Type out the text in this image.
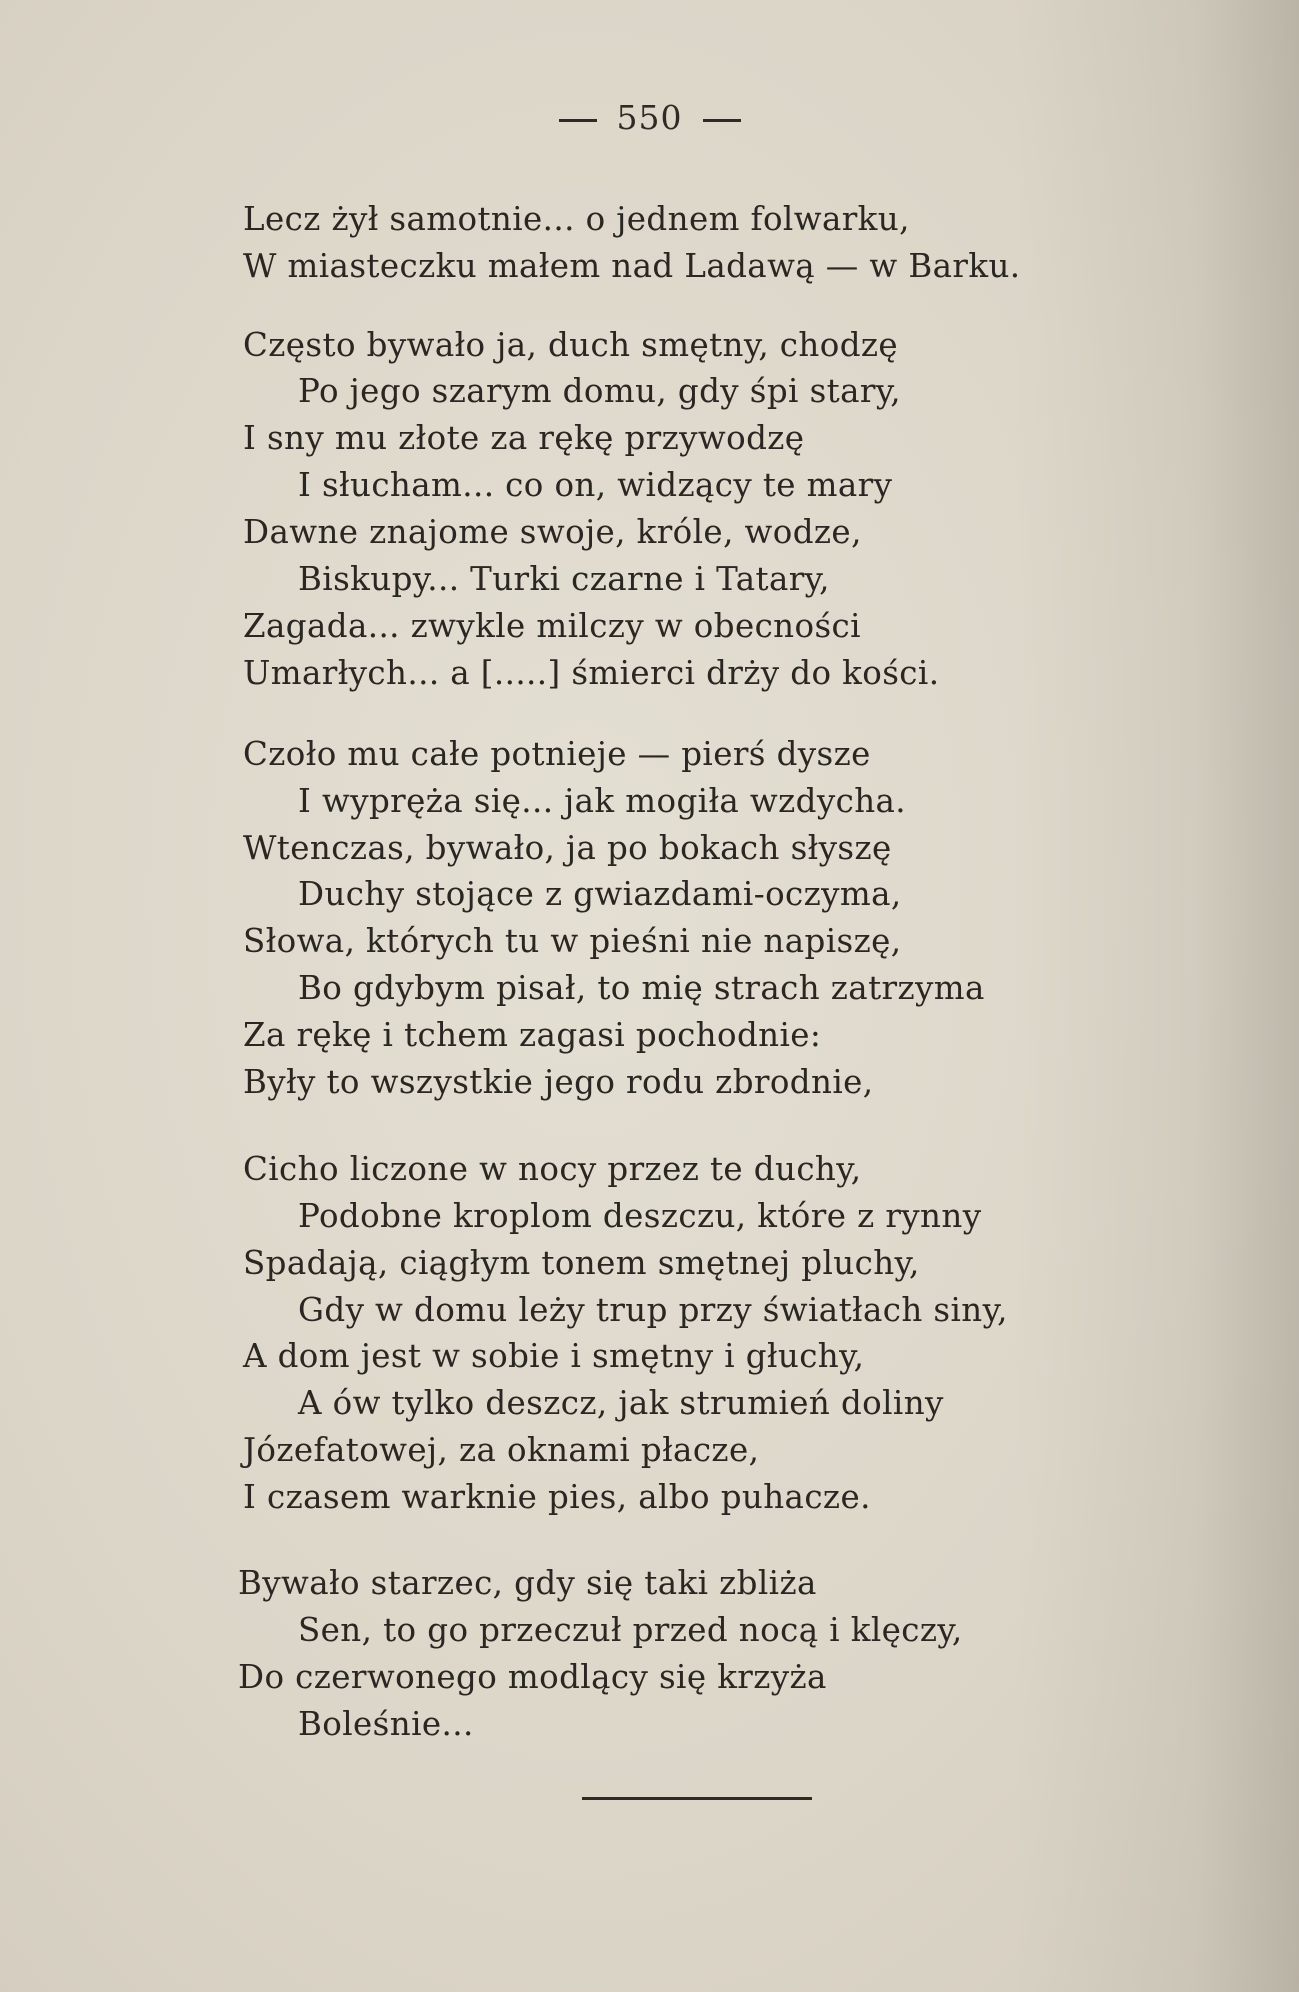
550
Lecz żył samotnie... o jednem folwarku,
W miasteczku małem nad Ladawą — w Barku.
Często bywało ja, duch smętny, chodzę
Po jego szarym domu, gdy śpi stary,
I sny mu złote za rękę przywodzę
I słucham... co on, widzący te mary
Dawne znajome swoje, króle, wodze,
Biskupy... Turki czarne i Tatary,
Zagada... zwykle milczy w obecności
Umarłych... a [.....] śmierci drży do kości.
Czoło mu całe potnieje — pierś dysze
I wypręża się... jak mogiła wzdycha.
Wtenczas, bywało, ja po bokach słyszę
Duchy stojące z gwiazdami-oczyma,
Słowa, których tu w pieśni nie napiszę,
Bo gdybym pisał, to mię strach zatrzyma
Za rękę i tchem zagasi pochodnie:
Były to wszystkie jego rodu zbrodnie,
Cicho liczone w nocy przez te duchy,
Podobne kroplom deszczu, które z rynny
Spadają, ciągłym tonem smętnej pluchy,
Gdy w domu leży trup przy światłach siny,
A dom jest w sobie i smętny i głuchy,
A ów tylko deszcz, jak strumień doliny
Józefatowej, za oknami płacze,
I czasem warknie pies, albo puhacze.
Bywało starzec, gdy się taki zbliża
Sen, to go przeczuł przed nocą i klęczy,
Do czerwonego modlący się krzyża
Boleśnie...
